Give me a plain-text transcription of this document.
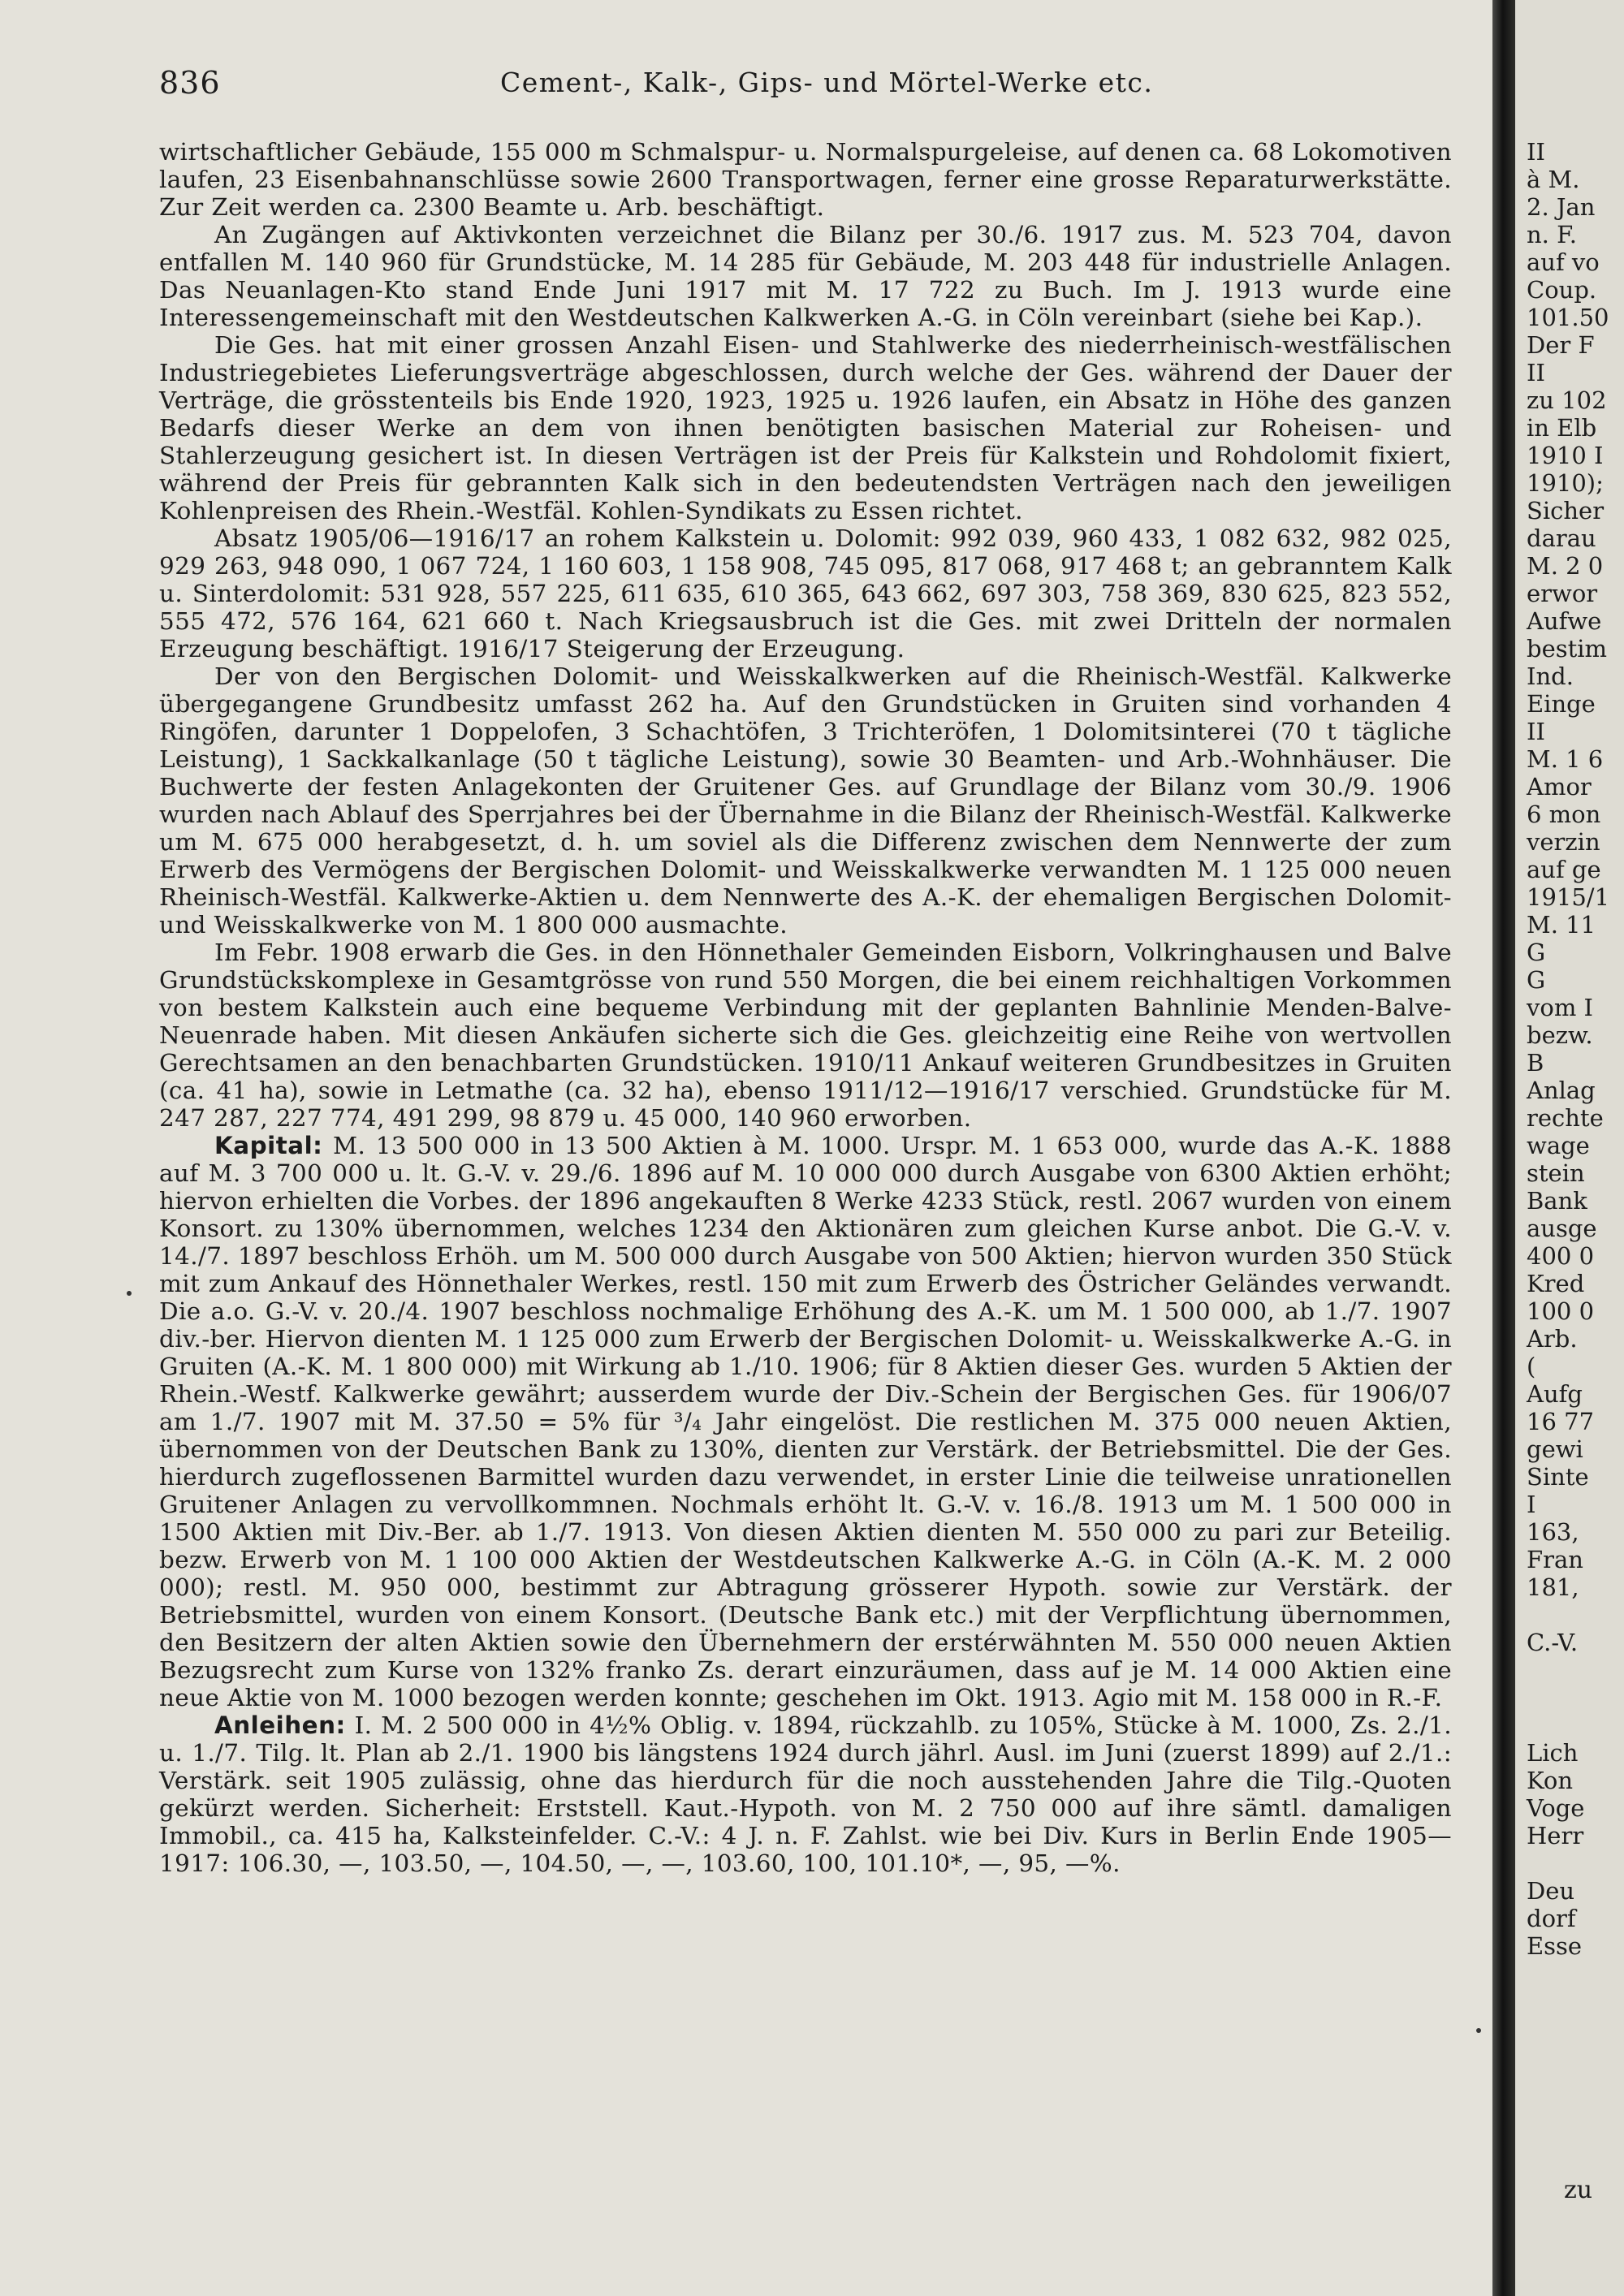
836	Cement-, Kalk-, Gips- und Mörtel-Werke etc.

wirtschaftlicher Gebäude, 155 000 m Schmalspur- u. Normalspurgeleise, auf denen ca. 68 Lokomotiven laufen, 23 Eisenbahnanschlüsse sowie 2600 Transportwagen, ferner eine grosse Reparaturwerkstätte. Zur Zeit werden ca. 2300 Beamte u. Arb. beschäftigt.

An Zugängen auf Aktivkonten verzeichnet die Bilanz per 30./6. 1917 zus. M. 523 704, davon entfallen M. 140 960 für Grundstücke, M. 14 285 für Gebäude, M. 203 448 für industrielle Anlagen. Das Neuanlagen-Kto stand Ende Juni 1917 mit M. 17 722 zu Buch. Im J. 1913 wurde eine Interessengemeinschaft mit den Westdeutschen Kalkwerken A.-G. in Cöln vereinbart (siehe bei Kap.).

Die Ges. hat mit einer grossen Anzahl Eisen- und Stahlwerke des niederrheinisch-westfälischen Industriegebietes Lieferungsverträge abgeschlossen, durch welche der Ges. während der Dauer der Verträge, die grösstenteils bis Ende 1920, 1923, 1925 u. 1926 laufen, ein Absatz in Höhe des ganzen Bedarfs dieser Werke an dem von ihnen benötigten basischen Material zur Roheisen- und Stahlerzeugung gesichert ist. In diesen Verträgen ist der Preis für Kalkstein und Rohdolomit fixiert, während der Preis für gebrannten Kalk sich in den bedeutendsten Verträgen nach den jeweiligen Kohlenpreisen des Rhein.-Westfäl. Kohlen-Syndikats zu Essen richtet.

Absatz 1905/06—1916/17 an rohem Kalkstein u. Dolomit: 992 039, 960 433, 1 082 632, 982 025, 929 263, 948 090, 1 067 724, 1 160 603, 1 158 908, 745 095, 817 068, 917 468 t; an gebranntem Kalk u. Sinterdolomit: 531 928, 557 225, 611 635, 610 365, 643 662, 697 303, 758 369, 830 625, 823 552, 555 472, 576 164, 621 660 t. Nach Kriegsausbruch ist die Ges. mit zwei Dritteln der normalen Erzeugung beschäftigt. 1916/17 Steigerung der Erzeugung.

Der von den Bergischen Dolomit- und Weisskalkwerken auf die Rheinisch-Westfäl. Kalkwerke übergegangene Grundbesitz umfasst 262 ha. Auf den Grundstücken in Gruiten sind vorhanden 4 Ringöfen, darunter 1 Doppelofen, 3 Schachtöfen, 3 Trichteröfen, 1 Dolomitsinterei (70 t tägliche Leistung), 1 Sackkalkanlage (50 t tägliche Leistung), sowie 30 Beamten- und Arb.-Wohnhäuser. Die Buchwerte der festen Anlagekonten der Gruitener Ges. auf Grundlage der Bilanz vom 30./9. 1906 wurden nach Ablauf des Sperrjahres bei der Übernahme in die Bilanz der Rheinisch-Westfäl. Kalkwerke um M. 675 000 herabgesetzt, d. h. um soviel als die Differenz zwischen dem Nennwerte der zum Erwerb des Vermögens der Bergischen Dolomit- und Weisskalkwerke verwandten M. 1 125 000 neuen Rheinisch-Westfäl. Kalkwerke-Aktien u. dem Nennwerte des A.-K. der ehemaligen Bergischen Dolomit- und Weisskalkwerke von M. 1 800 000 ausmachte.

Im Febr. 1908 erwarb die Ges. in den Hönnethaler Gemeinden Eisborn, Volkringhausen und Balve Grundstückskomplexe in Gesamtgrösse von rund 550 Morgen, die bei einem reichhaltigen Vorkommen von bestem Kalkstein auch eine bequeme Verbindung mit der geplanten Bahnlinie Menden-Balve-Neuenrade haben. Mit diesen Ankäufen sicherte sich die Ges. gleichzeitig eine Reihe von wertvollen Gerechtsamen an den benachbarten Grundstücken. 1910/11 Ankauf weiteren Grundbesitzes in Gruiten (ca. 41 ha), sowie in Letmathe (ca. 32 ha), ebenso 1911/12—1916/17 verschied. Grundstücke für M. 247 287, 227 774, 491 299, 98 879 u. 45 000, 140 960 erworben.

Kapital: M. 13 500 000 in 13 500 Aktien à M. 1000. Urspr. M. 1 653 000, wurde das A.-K. 1888 auf M. 3 700 000 u. lt. G.-V. v. 29./6. 1896 auf M. 10 000 000 durch Ausgabe von 6300 Aktien erhöht; hiervon erhielten die Vorbes. der 1896 angekauften 8 Werke 4233 Stück, restl. 2067 wurden von einem Konsort. zu 130% übernommen, welches 1234 den Aktionären zum gleichen Kurse anbot. Die G.-V. v. 14./7. 1897 beschloss Erhöh. um M. 500 000 durch Ausgabe von 500 Aktien; hiervon wurden 350 Stück mit zum Ankauf des Hönnethaler Werkes, restl. 150 mit zum Erwerb des Östricher Geländes verwandt. Die a.o. G.-V. v. 20./4. 1907 beschloss nochmalige Erhöhung des A.-K. um M. 1 500 000, ab 1./7. 1907 div.-ber. Hiervon dienten M. 1 125 000 zum Erwerb der Bergischen Dolomit- u. Weisskalkwerke A.-G. in Gruiten (A.-K. M. 1 800 000) mit Wirkung ab 1./10. 1906; für 8 Aktien dieser Ges. wurden 5 Aktien der Rhein.-Westf. Kalkwerke gewährt; ausserdem wurde der Div.-Schein der Bergischen Ges. für 1906/07 am 1./7. 1907 mit M. 37.50 = 5% für ³/₄ Jahr eingelöst. Die restlichen M. 375 000 neuen Aktien, übernommen von der Deutschen Bank zu 130%, dienten zur Verstärk. der Betriebsmittel. Die der Ges. hierdurch zugeflossenen Barmittel wurden dazu verwendet, in erster Linie die teilweise unrationellen Gruitener Anlagen zu vervollkommnen. Nochmals erhöht lt. G.-V. v. 16./8. 1913 um M. 1 500 000 in 1500 Aktien mit Div.-Ber. ab 1./7. 1913. Von diesen Aktien dienten M. 550 000 zu pari zur Beteilig. bezw. Erwerb von M. 1 100 000 Aktien der Westdeutschen Kalkwerke A.-G. in Cöln (A.-K. M. 2 000 000); restl. M. 950 000, bestimmt zur Abtragung grösserer Hypoth. sowie zur Verstärk. der Betriebsmittel, wurden von einem Konsort. (Deutsche Bank etc.) mit der Verpflichtung übernommen, den Besitzern der alten Aktien sowie den Übernehmern der erstérwähnten M. 550 000 neuen Aktien Bezugsrecht zum Kurse von 132% franko Zs. derart einzuräumen, dass auf je M. 14 000 Aktien eine neue Aktie von M. 1000 bezogen werden konnte; geschehen im Okt. 1913. Agio mit M. 158 000 in R.-F.

Anleihen: I. M. 2 500 000 in 4½% Oblig. v. 1894, rückzahlb. zu 105%, Stücke à M. 1000, Zs. 2./1. u. 1./7. Tilg. lt. Plan ab 2./1. 1900 bis längstens 1924 durch jährl. Ausl. im Juni (zuerst 1899) auf 2./1.: Verstärk. seit 1905 zulässig, ohne das hierdurch für die noch ausstehenden Jahre die Tilg.-Quoten gekürzt werden. Sicherheit: Erststell. Kaut.-Hypoth. von M. 2 750 000 auf ihre sämtl. damaligen Immobil., ca. 415 ha, Kalksteinfelder. C.-V.: 4 J. n. F. Zahlst. wie bei Div. Kurs in Berlin Ende 1905—1917: 106.30, —, 103.50, —, 104.50, —, —, 103.60, 100, 101.10*, —, 95, —%.

II
à M.
2. Jan
n. F.
auf vo
Coup.
101.50
Der F
II
zu 102
in Elb
1910 I
1910);
Sicher
darau
M. 2 0
erwor
Aufwe
bestim
Ind.
Einge
II
M. 1 6
Amor
6 mon
verzin
auf ge
1915/1
M. 11
G
G
vom I
bezw.
B
Anlag
rechte
wage
stein
Bank
ausge
400 0
Kred
100 0
Arb.
(
Aufg
16 77
gewi
Sinte
I
163,
Fran
181,
C.-V.
Lich
Kon
Voge
Herr
Deu
dorf
Esse
zu
